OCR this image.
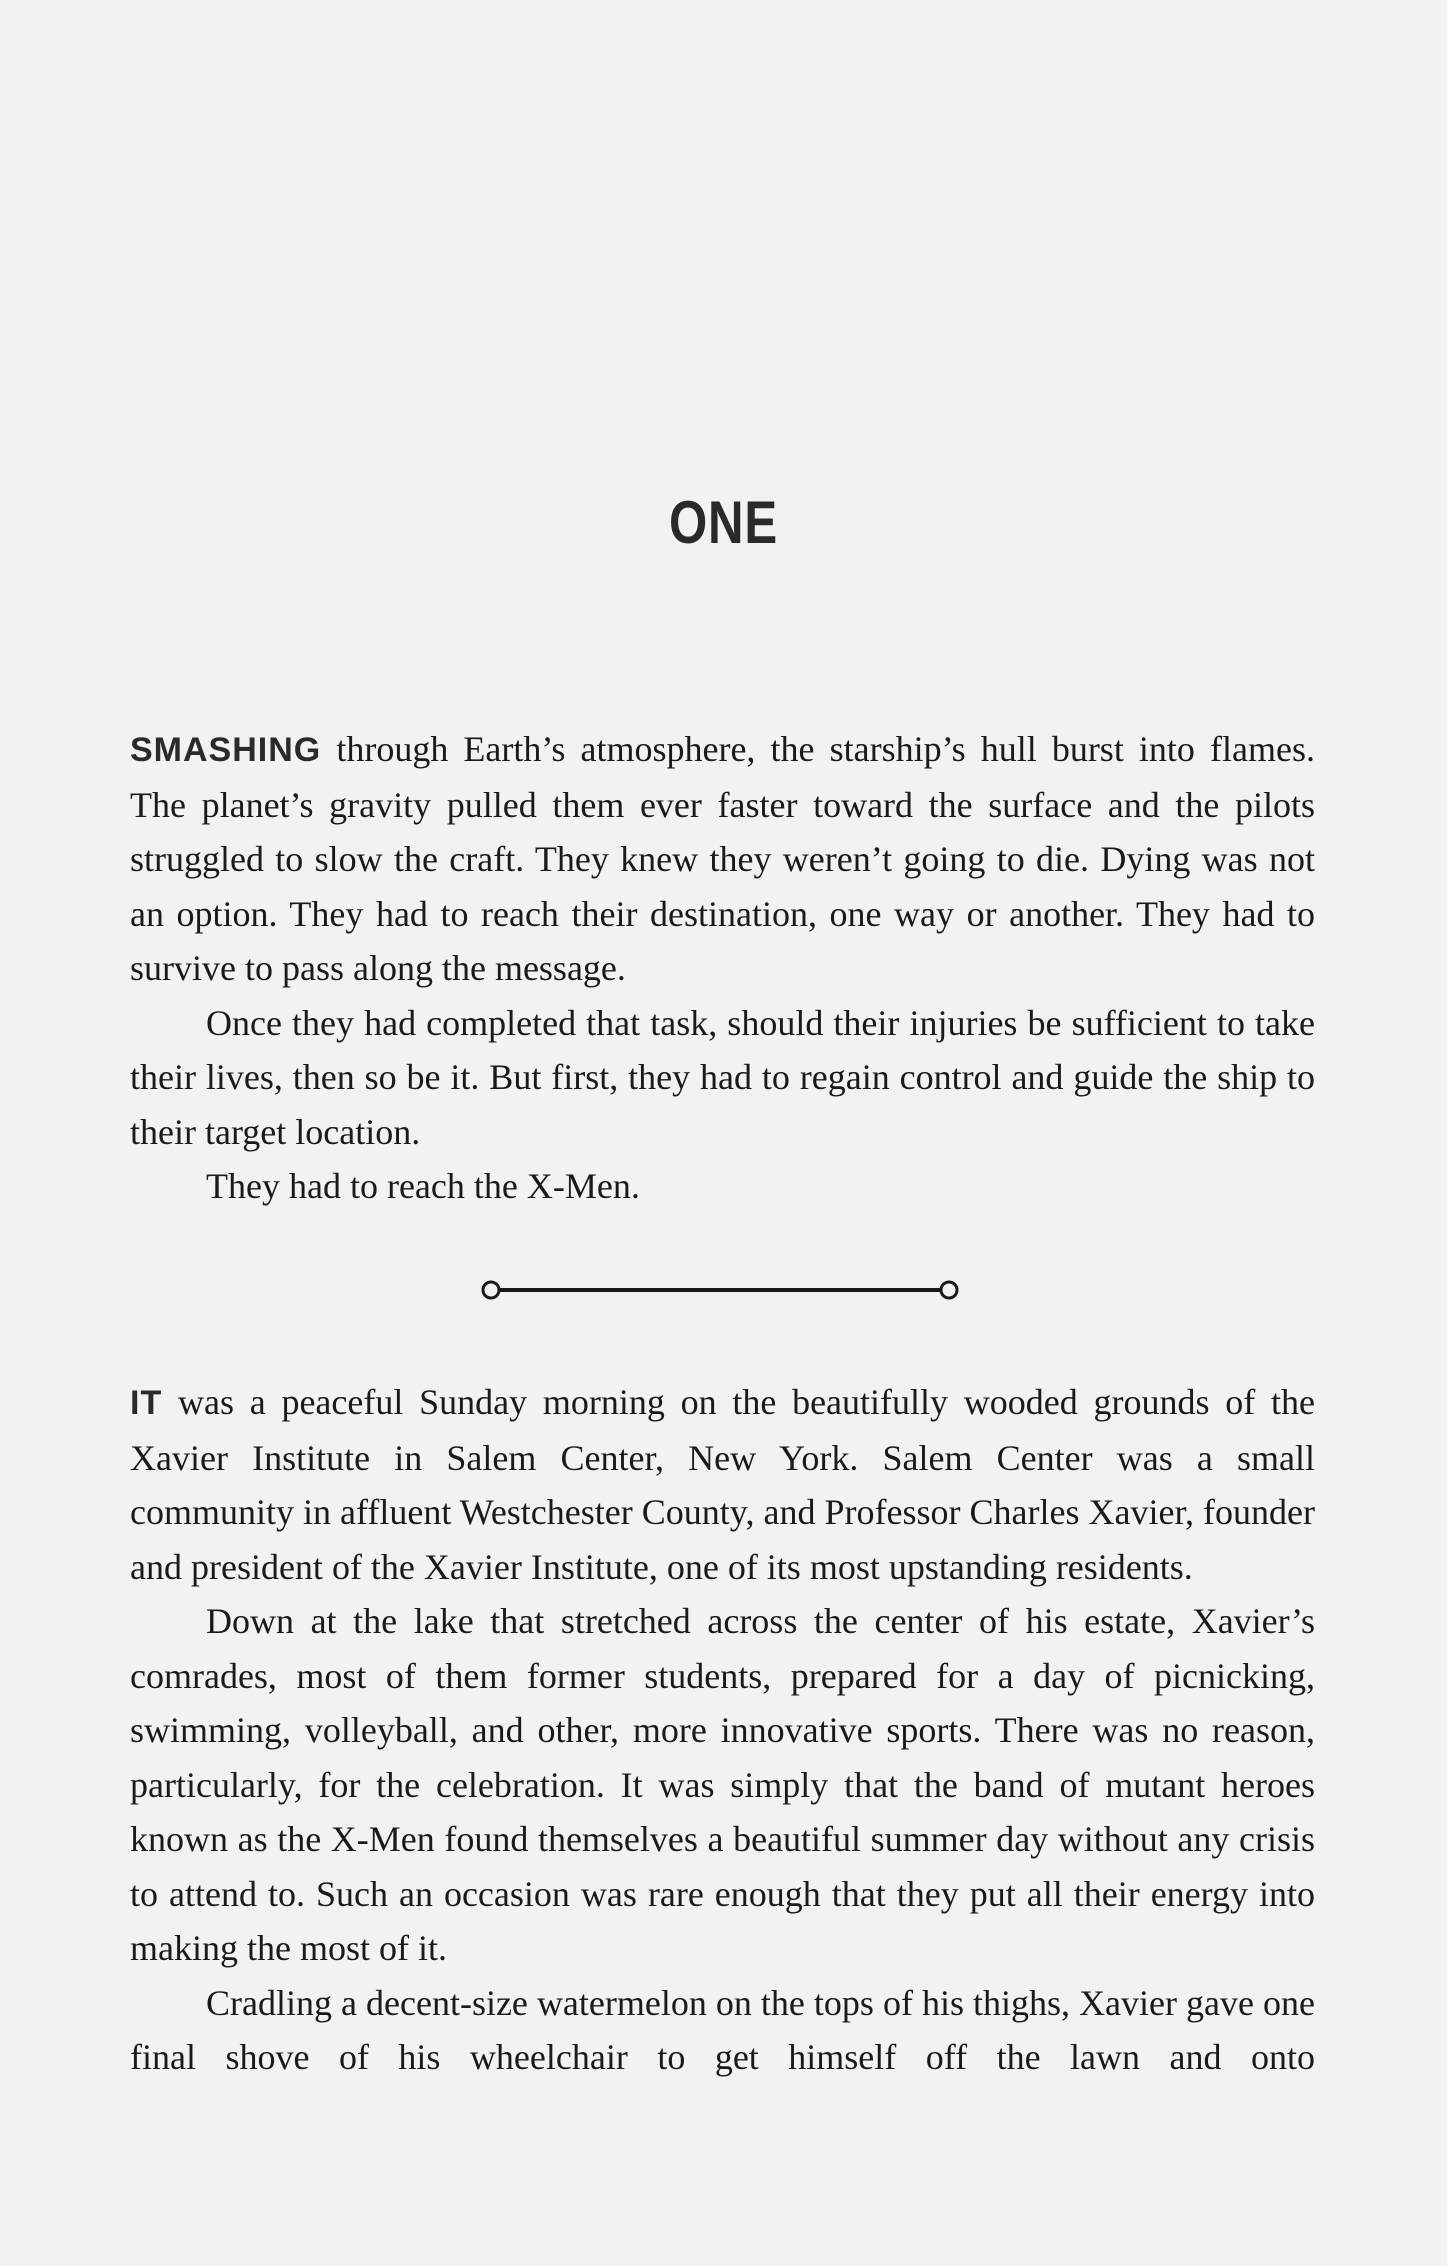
ONE

SMASHING through Earth’s atmosphere, the starship’s hull burst into flames. The planet’s gravity pulled them ever faster toward the surface and the pilots struggled to slow the craft. They knew they weren’t going to die. Dying was not an option. They had to reach their destination, one way or another. They had to survive to pass along the message.

Once they had completed that task, should their injuries be sufficient to take their lives, then so be it. But first, they had to regain control and guide the ship to their target location.

They had to reach the X-Men.

IT was a peaceful Sunday morning on the beautifully wooded grounds of the Xavier Institute in Salem Center, New York. Salem Center was a small community in affluent Westchester County, and Professor Charles Xavier, founder and president of the Xavier Institute, one of its most upstanding residents.

Down at the lake that stretched across the center of his estate, Xavier’s comrades, most of them former students, prepared for a day of picnicking, swimming, volleyball, and other, more innovative sports. There was no reason, particularly, for the celebration. It was simply that the band of mutant heroes known as the X-Men found themselves a beautiful summer day without any crisis to attend to. Such an occasion was rare enough that they put all their energy into making the most of it.

Cradling a decent-size watermelon on the tops of his thighs, Xavier gave one final shove of his wheelchair to get himself off the lawn and onto
